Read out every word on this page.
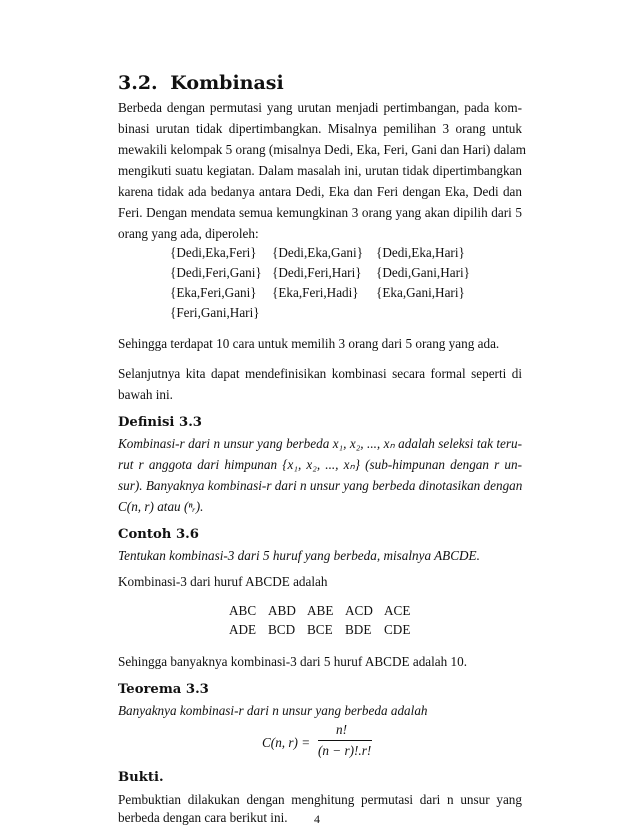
3.2. Kombinasi
Berbeda dengan permutasi yang urutan menjadi pertimbangan, pada kom-
binasi urutan tidak dipertimbangkan. Misalnya pemilihan 3 orang untuk
mewakili kelompak 5 orang (misalnya Dedi, Eka, Feri, Gani dan Hari) dalam
mengikuti suatu kegiatan. Dalam masalah ini, urutan tidak dipertimbangkan
karena tidak ada bedanya antara Dedi, Eka dan Feri dengan Eka, Dedi dan
Feri. Dengan mendata semua kemungkinan 3 orang yang akan dipilih dari 5
orang yang ada, diperoleh:
{Dedi,Eka,Feri} {Dedi,Eka,Gani} {Dedi,Eka,Hari}
{Dedi,Feri,Gani} {Dedi,Feri,Hari} {Dedi,Gani,Hari}
{Eka,Feri,Gani} {Eka,Feri,Hadi} {Eka,Gani,Hari}
{Feri,Gani,Hari}
Sehingga terdapat 10 cara untuk memilih 3 orang dari 5 orang yang ada.
Selanjutnya kita dapat mendefinisikan kombinasi secara formal seperti di
bawah ini.
Definisi 3.3
Kombinasi-r dari n unsur yang berbeda x₁, x₂, ..., xₙ adalah seleksi tak teru-
rut r anggota dari himpunan {x₁, x₂, ..., xₙ} (sub-himpunan dengan r un-
sur). Banyaknya kombinasi-r dari n unsur yang berbeda dinotasikan dengan
C(n, r) atau (ⁿᵣ).
Contoh 3.6
Tentukan kombinasi-3 dari 5 huruf yang berbeda, misalnya ABCDE.
Kombinasi-3 dari huruf ABCDE adalah
ABC ABD ABE ACD ACE
ADE BCD BCE BDE CDE
Sehingga banyaknya kombinasi-3 dari 5 huruf ABCDE adalah 10.
Teorema 3.3
Banyaknya kombinasi-r dari n unsur yang berbeda adalah
C(n, r) =
n!
(n − r)!.r!
Bukti.
Pembuktian dilakukan dengan menghitung permutasi dari n unsur yang
berbeda dengan cara berikut ini.	4
